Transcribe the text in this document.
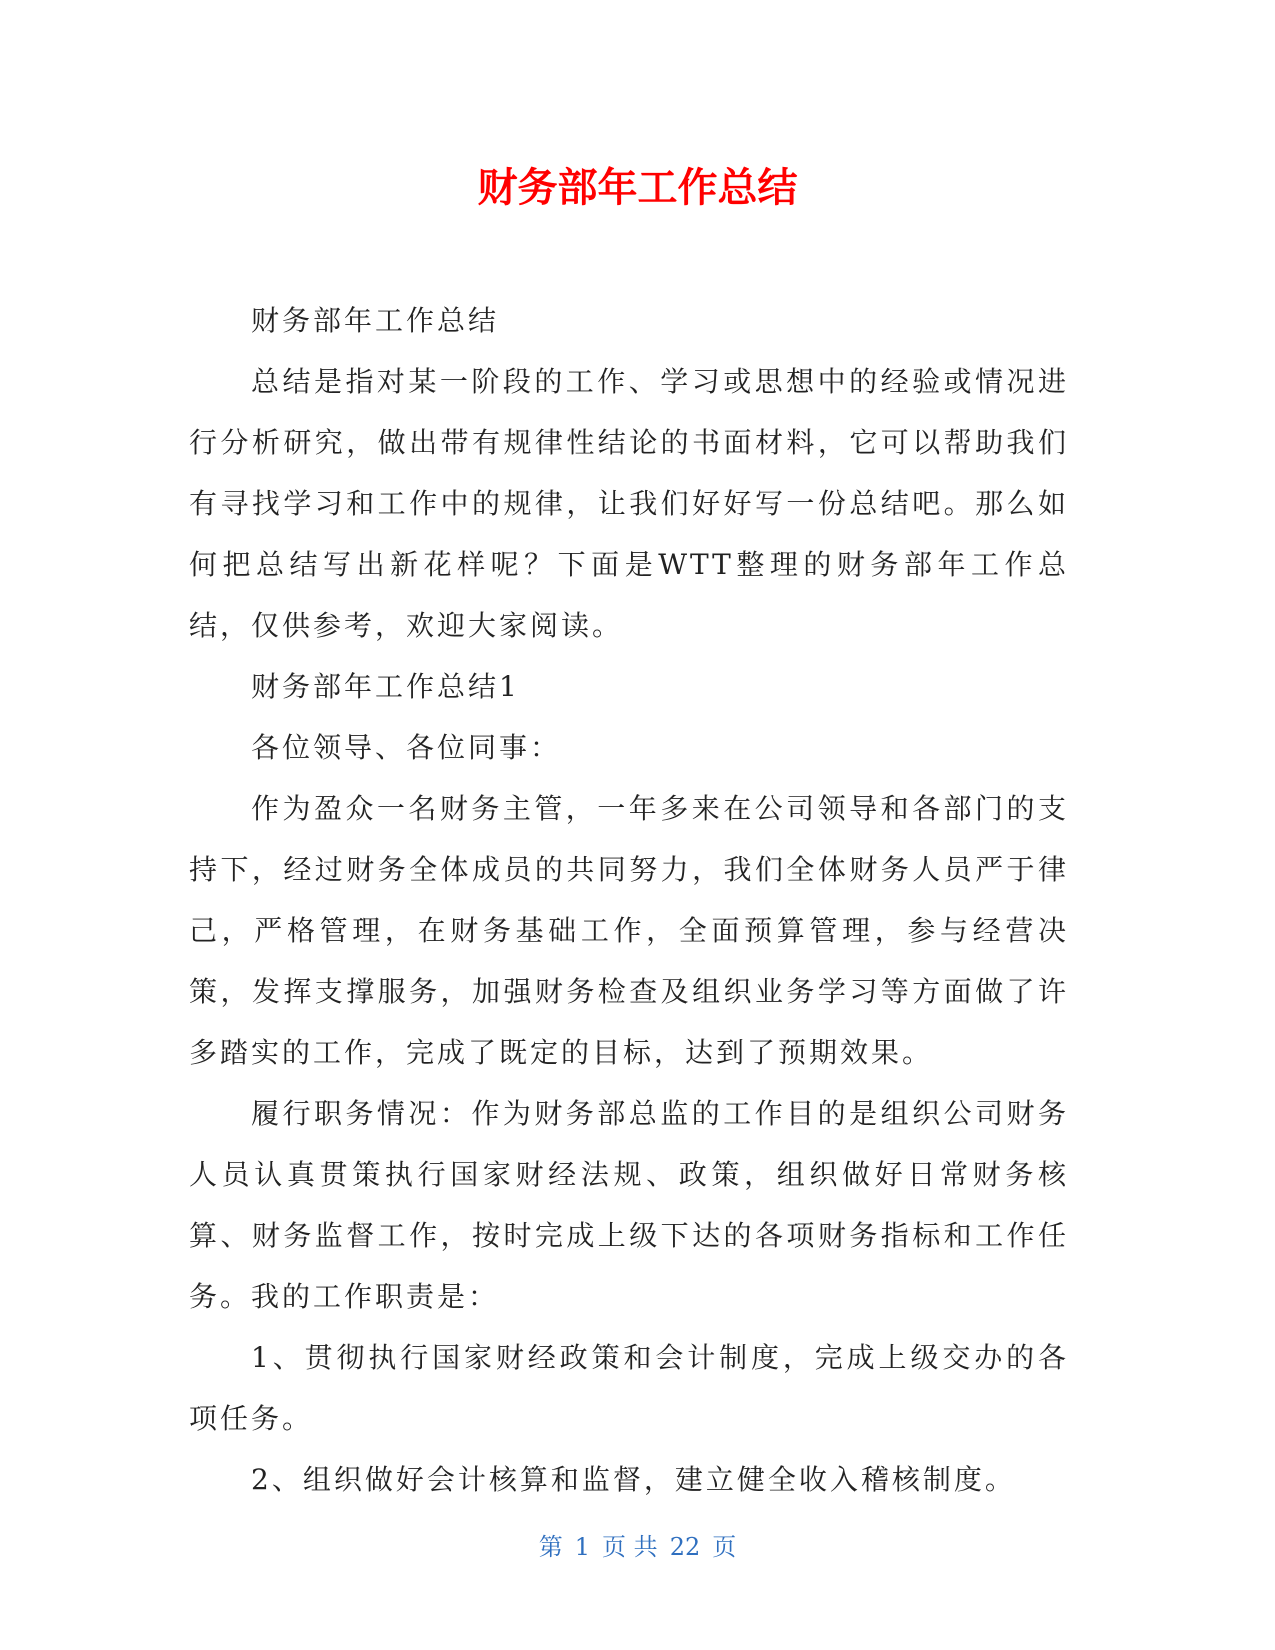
财务部年工作总结

财务部年工作总结

总结是指对某一阶段的工作、学习或思想中的经验或情况进行分析研究，做出带有规律性结论的书面材料，它可以帮助我们有寻找学习和工作中的规律，让我们好好写一份总结吧。那么如何把总结写出新花样呢？下面是WTT整理的财务部年工作总结，仅供参考，欢迎大家阅读。

财务部年工作总结1

各位领导、各位同事：

作为盈众一名财务主管，一年多来在公司领导和各部门的支持下，经过财务全体成员的共同努力，我们全体财务人员严于律己，严格管理，在财务基础工作，全面预算管理，参与经营决策，发挥支撑服务，加强财务检查及组织业务学习等方面做了许多踏实的工作，完成了既定的目标，达到了预期效果。

履行职务情况：作为财务部总监的工作目的是组织公司财务人员认真贯策执行国家财经法规、政策，组织做好日常财务核算、财务监督工作，按时完成上级下达的各项财务指标和工作任务。我的工作职责是：

1、贯彻执行国家财经政策和会计制度，完成上级交办的各项任务。

2、组织做好会计核算和监督，建立健全收入稽核制度。

第 1 页 共 22 页
